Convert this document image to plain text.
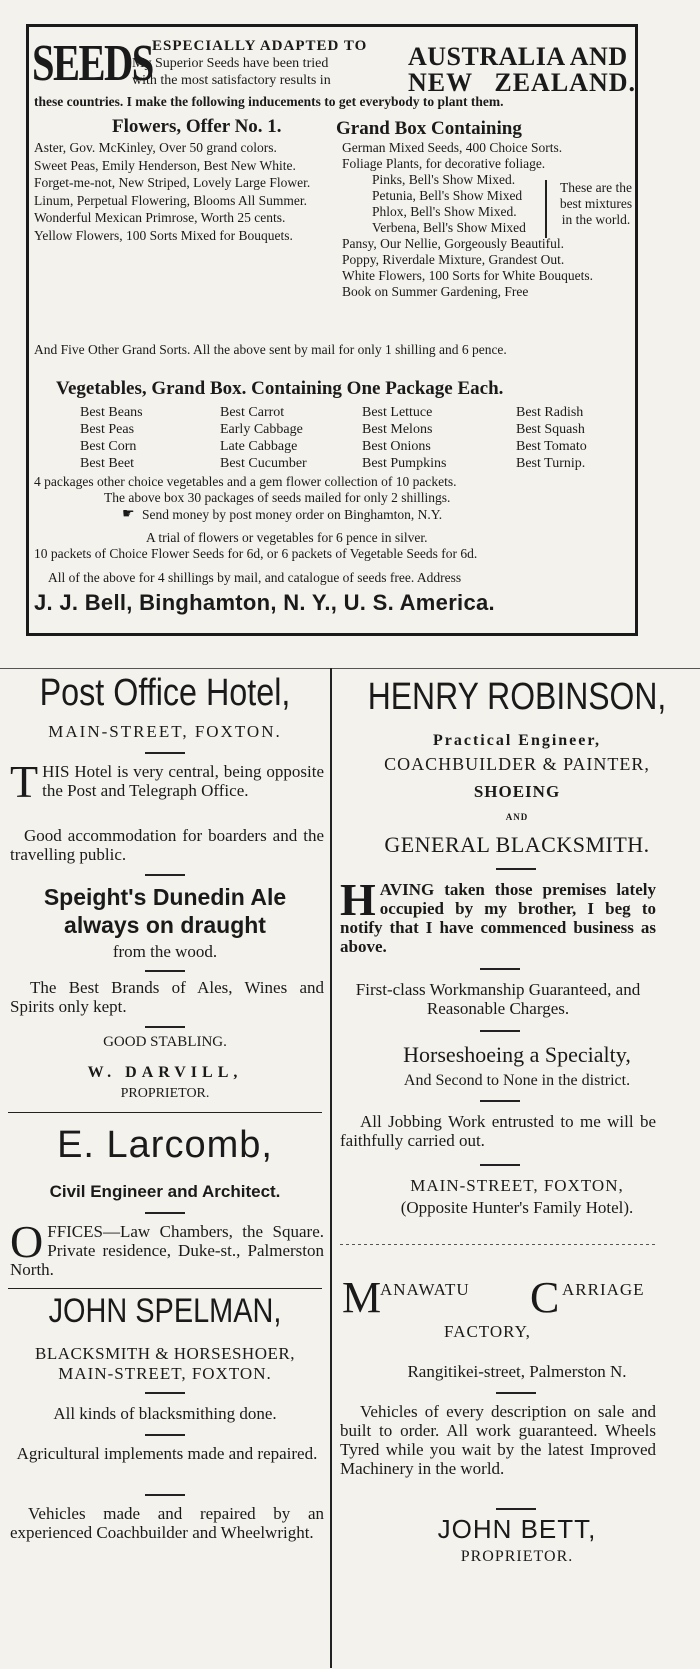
SEEDS ESPECIALLY ADAPTED TO
My Superior Seeds have been tried
with the most satisfactory results in
AUSTRALIA AND
NEW ZEALAND.
these countries. I make the following inducements to get everybody to plant them.
Flowers, Offer No. 1.	Grand Box Containing
Aster, Gov. McKinley, Over 50 grand colors.
Sweet Peas, Emily Henderson, Best New White.
Forget-me-not, New Striped, Lovely Large Flower.
Linum, Perpetual Flowering, Blooms All Summer.
Wonderful Mexican Primrose, Worth 25 cents.
Yellow Flowers, 100 Sorts Mixed for Bouquets.
German Mixed Seeds, 400 Choice Sorts.
Foliage Plants, for decorative foliage.
Pinks, Bell's Show Mixed.
Petunia, Bell's Show Mixed
Phlox, Bell's Show Mixed.
Verbena, Bell's Show Mixed
Pansy, Our Nellie, Gorgeously Beautiful.
Poppy, Riverdale Mixture, Grandest Out.
White Flowers, 100 Sorts for White Bouquets.
Book on Summer Gardening, Free
These are the best mixtures in the world.
And Five Other Grand Sorts. All the above sent by mail for only 1 shilling and 6 pence.
Vegetables, Grand Box. Containing One Package Each.
Best Beans
Best Peas
Best Corn
Best Beet
Best Carrot
Early Cabbage
Late Cabbage
Best Cucumber
Best Lettuce
Best Melons
Best Onions
Best Pumpkins
Best Radish
Best Squash
Best Tomato
Best Turnip.
4 packages other choice vegetables and a gem flower collection of 10 packets.
The above box 30 packages of seeds mailed for only 2 shillings.
☛ Send money by post money order on Binghamton, N.Y.
A trial of flowers or vegetables for 6 pence in silver.
10 packets of Choice Flower Seeds for 6d, or 6 packets of Vegetable Seeds for 6d.
All of the above for 4 shillings by mail, and catalogue of seeds free. Address
J. J. Bell, Binghamton, N. Y., U. S. America.
Post Office Hotel,
MAIN-STREET, FOXTON.
THIS Hotel is very central, being opposite the Post and Telegraph Office.
Good accommodation for boarders and the travelling public.
Speight's Dunedin Ale
always on draught
from the wood.
The Best Brands of Ales, Wines and Spirits only kept.
GOOD STABLING.
W. DARVILL,
PROPRIETOR.
E. Larcomb,
Civil Engineer and Architect.
OFFICES—Law Chambers, the Square. Private residence, Duke-st., Palmerston North.
JOHN SPELMAN,
BLACKSMITH & HORSESHOER,
MAIN-STREET, FOXTON.
All kinds of blacksmithing done.
Agricultural implements made and repaired.
Vehicles made and repaired by an experienced Coachbuilder and Wheelwright.
HENRY ROBINSON,
Practical Engineer,
COACHBUILDER & PAINTER,
SHOEING
AND
GENERAL BLACKSMITH.
HAVING taken those premises lately occupied by my brother, I beg to notify that I have commenced business as above.
First-class Workmanship Guaranteed, and Reasonable Charges.
Horseshoeing a Specialty,
And Second to None in the district.
All Jobbing Work entrusted to me will be faithfully carried out.
MAIN-STREET, FOXTON,
(Opposite Hunter's Family Hotel).
M
ANAWATU C ARRIAGE
FACTORY,
Rangitikei-street, Palmerston N.
Vehicles of every description on sale and built to order. All work guaranteed. Wheels Tyred while you wait by the latest Improved Machinery in the world.
JOHN BETT,
PROPRIETOR.
